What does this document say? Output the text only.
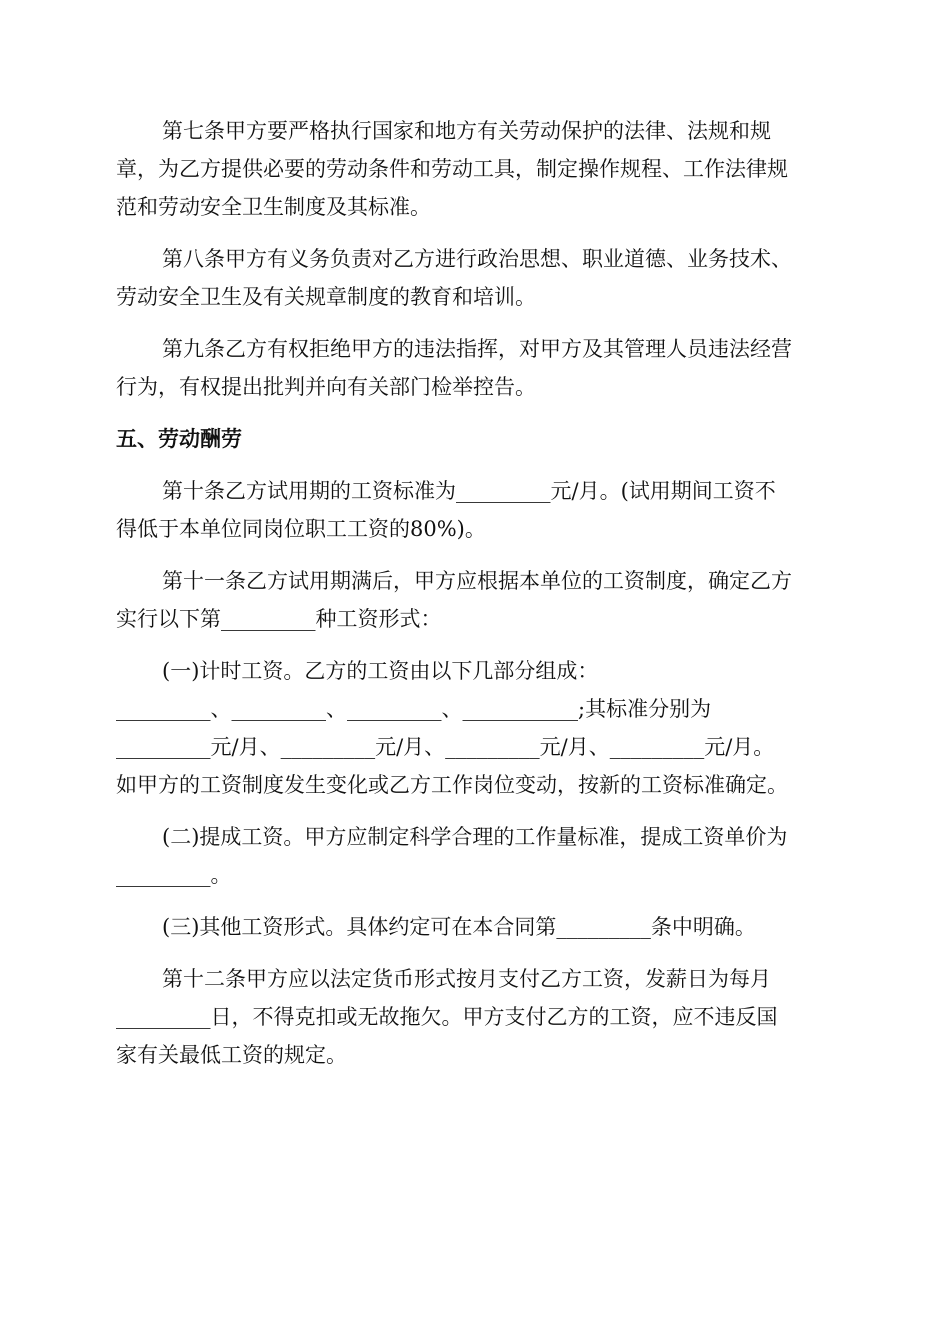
第七条甲方要严格执行国家和地方有关劳动保护的法律、法规和规
章，为乙方提供必要的劳动条件和劳动工具，制定操作规程、工作法律规
范和劳动安全卫生制度及其标准。

第八条甲方有义务负责对乙方进行政治思想、职业道德、业务技术、
劳动安全卫生及有关规章制度的教育和培训。

第九条乙方有权拒绝甲方的违法指挥，对甲方及其管理人员违法经营
行为，有权提出批判并向有关部门检举控告。

五、劳动酬劳

第十条乙方试用期的工资标准为_________元/月。(试用期间工资不
得低于本单位同岗位职工工资的80%)。

第十一条乙方试用期满后，甲方应根据本单位的工资制度，确定乙方
实行以下第_________种工资形式：

(一)计时工资。乙方的工资由以下几部分组成：
_________、_________、_________、___________;其标准分别为
_________元/月、_________元/月、_________元/月、_________元/月。
如甲方的工资制度发生变化或乙方工作岗位变动，按新的工资标准确定。

(二)提成工资。甲方应制定科学合理的工作量标准，提成工资单价为
_________。

(三)其他工资形式。具体约定可在本合同第_________条中明确。

第十二条甲方应以法定货币形式按月支付乙方工资，发薪日为每月
_________日，不得克扣或无故拖欠。甲方支付乙方的工资，应不违反国
家有关最低工资的规定。
